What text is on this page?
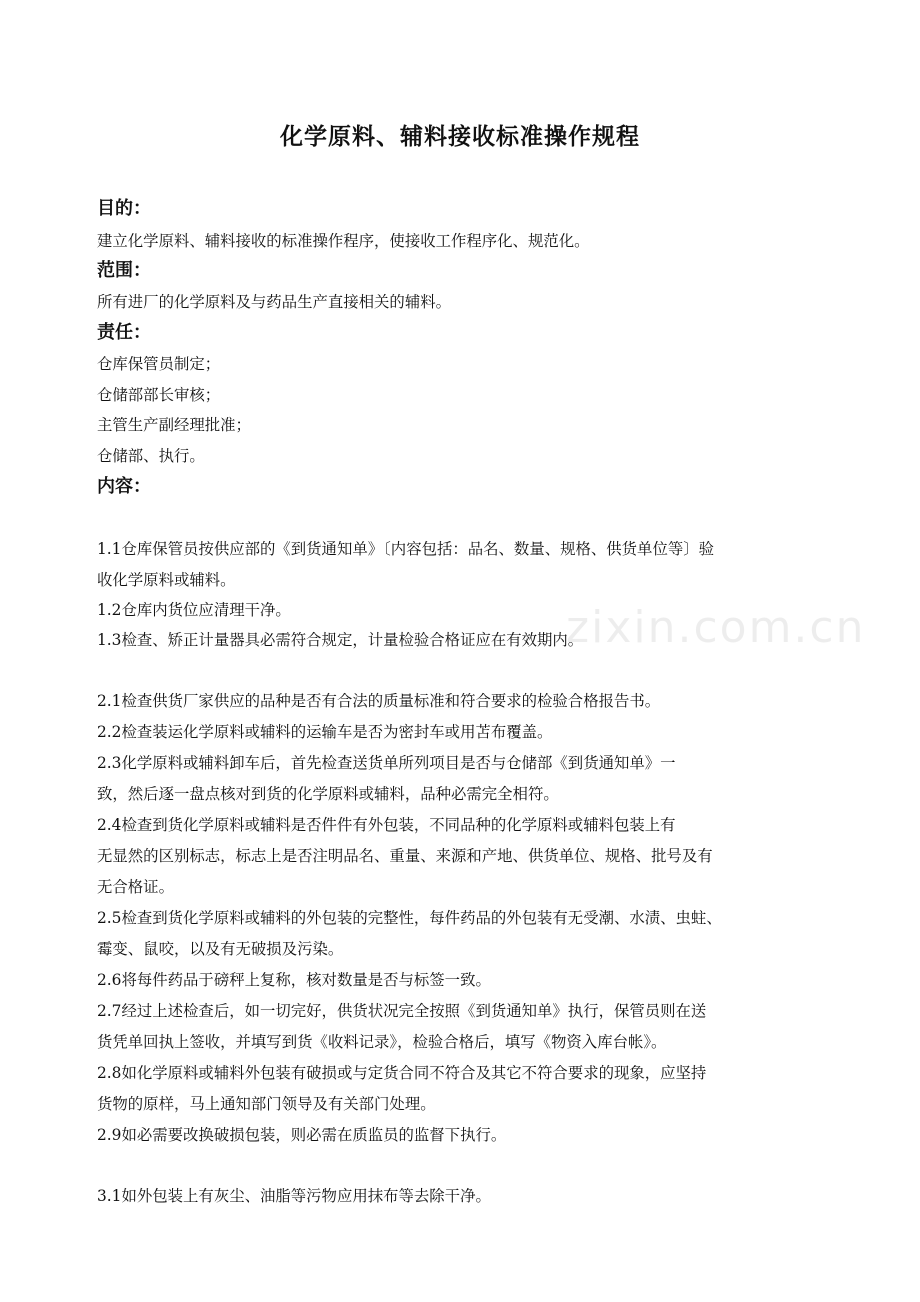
zixin.com.cn
化学原料、辅料接收标准操作规程
目的：
建立化学原料、辅料接收的标准操作程序，使接收工作程序化、规范化。
范围：
所有进厂的化学原料及与药品生产直接相关的辅料。
责任：
仓库保管员制定；
仓储部部长审核；
主管生产副经理批准；
仓储部、执行。
内容：
1.1仓库保管员按供应部的《到货通知单》〔内容包括：品名、数量、规格、供货单位等〕验
收化学原料或辅料。
1.2仓库内货位应清理干净。
1.3检查、矫正计量器具必需符合规定，计量检验合格证应在有效期内。
2.1检查供货厂家供应的品种是否有合法的质量标准和符合要求的检验合格报告书。
2.2检查装运化学原料或辅料的运输车是否为密封车或用苫布覆盖。
2.3化学原料或辅料卸车后，首先检查送货单所列项目是否与仓储部《到货通知单》一
致，然后逐一盘点核对到货的化学原料或辅料，品种必需完全相符。
2.4检查到货化学原料或辅料是否件件有外包装，不同品种的化学原料或辅料包装上有
无显然的区别标志，标志上是否注明品名、重量、来源和产地、供货单位、规格、批号及有
无合格证。
2.5检查到货化学原料或辅料的外包装的完整性，每件药品的外包装有无受潮、水渍、虫蛀、
霉变、鼠咬，以及有无破损及污染。
2.6将每件药品于磅秤上复称，核对数量是否与标签一致。
2.7经过上述检查后，如一切完好，供货状况完全按照《到货通知单》执行，保管员则在送
货凭单回执上签收，并填写到货《收料记录》，检验合格后，填写《物资入库台帐》。
2.8如化学原料或辅料外包装有破损或与定货合同不符合及其它不符合要求的现象，应坚持
货物的原样，马上通知部门领导及有关部门处理。
2.9如必需要改换破损包装，则必需在质监员的监督下执行。
3.1如外包装上有灰尘、油脂等污物应用抹布等去除干净。
